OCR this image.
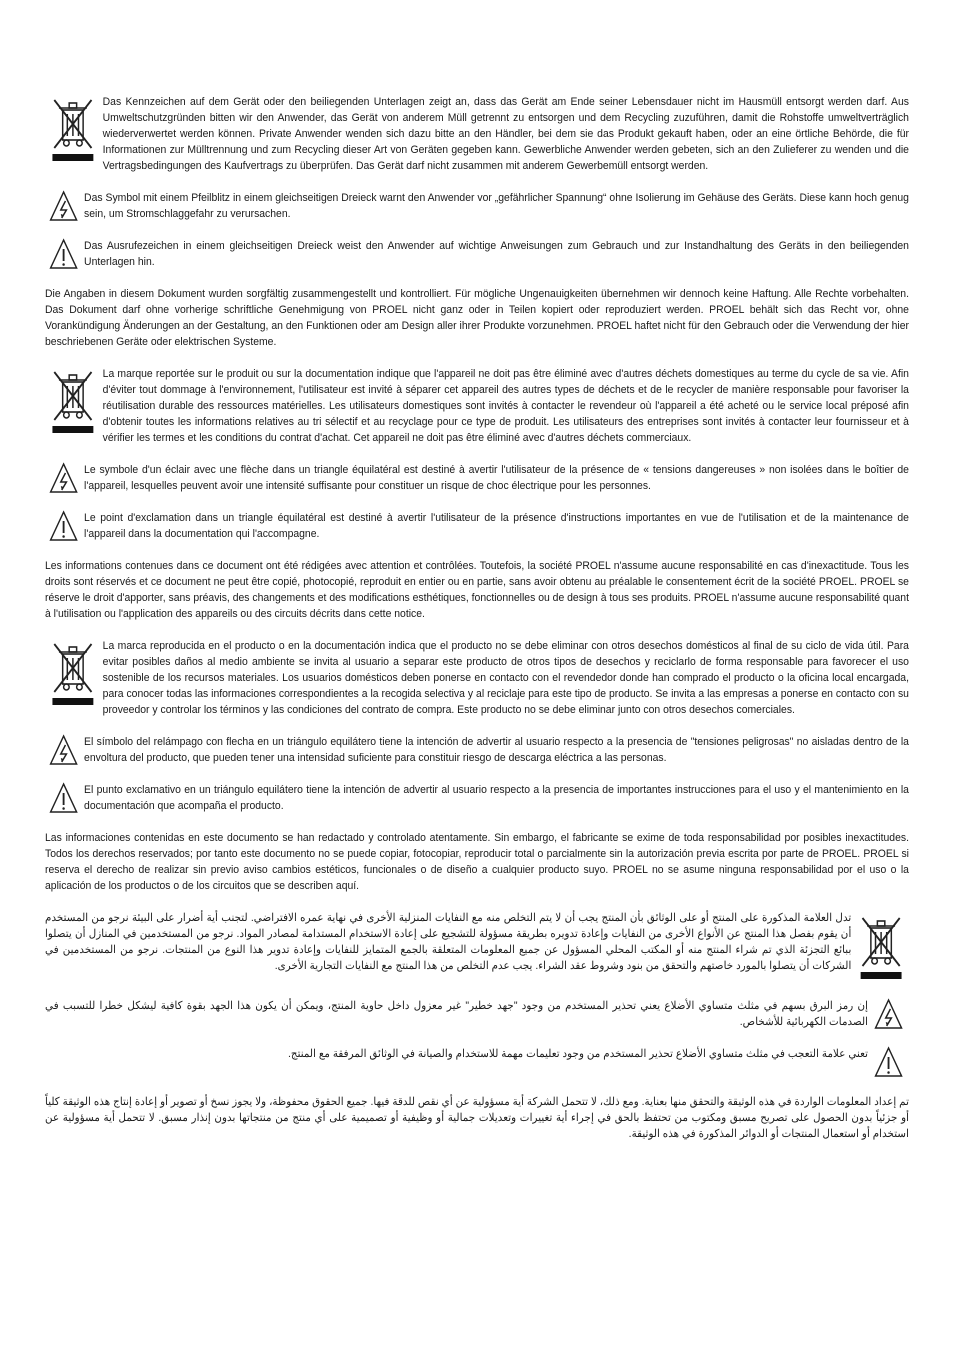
Das Kennzeichen auf dem Gerät oder den beiliegenden Unterlagen zeigt an, dass das Gerät am Ende seiner Lebensdauer nicht im Hausmüll entsorgt werden darf. Aus Umweltschutzgründen bitten wir den Anwender, das Gerät von anderem Müll getrennt zu entsorgen und dem Recycling zuzuführen, damit die Rohstoffe umweltverträglich wiederverwertet werden können. Private Anwender wenden sich dazu bitte an den Händler, bei dem sie das Produkt gekauft haben, oder an eine örtliche Behörde, die für Informationen zur Mülltrennung und zum Recycling dieser Art von Geräten gegeben kann. Gewerbliche Anwender werden gebeten, sich an den Zulieferer zu wenden und die Vertragsbedingungen des Kaufvertrags zu überprüfen. Das Gerät darf nicht zusammen mit anderem Gewerbemüll entsorgt werden.

Das Symbol mit einem Pfeilblitz in einem gleichseitigen Dreieck warnt den Anwender vor „gefährlicher Spannung“ ohne Isolierung im Gehäuse des Geräts. Diese kann hoch genug sein, um Stromschlaggefahr zu verursachen.

Das Ausrufezeichen in einem gleichseitigen Dreieck weist den Anwender auf wichtige Anweisungen zum Gebrauch und zur Instandhaltung des Geräts in den beiliegenden Unterlagen hin.

Die Angaben in diesem Dokument wurden sorgfältig zusammengestellt und kontrolliert. Für mögliche Ungenauigkeiten übernehmen wir dennoch keine Haftung. Alle Rechte vorbehalten. Das Dokument darf ohne vorherige schriftliche Genehmigung von PROEL nicht ganz oder in Teilen kopiert oder reproduziert werden. PROEL behält sich das Recht vor, ohne Vorankündigung Änderungen an der Gestaltung, an den Funktionen oder am Design aller ihrer Produkte vorzunehmen. PROEL haftet nicht für den Gebrauch oder die Verwendung der hier beschriebenen Geräte oder elektrischen Systeme.

La marque reportée sur le produit ou sur la documentation indique que l'appareil ne doit pas être éliminé avec d'autres déchets domestiques au terme du cycle de sa vie. Afin d'éviter tout dommage à l'environnement, l'utilisateur est invité à séparer cet appareil des autres types de déchets et de le recycler de manière responsable pour favoriser la réutilisation durable des ressources matérielles. Les utilisateurs domestiques sont invités à contacter le revendeur où l'appareil a été acheté ou le service local préposé afin d'obtenir toutes les informations relatives au tri sélectif et au recyclage pour ce type de produit. Les utilisateurs des entreprises sont invités à contacter leur fournisseur et à vérifier les termes et les conditions du contrat d'achat. Cet appareil ne doit pas être éliminé avec d'autres déchets commerciaux.

Le symbole d'un éclair avec une flèche dans un triangle équilatéral est destiné à avertir l'utilisateur de la présence de « tensions dangereuses » non isolées dans le boîtier de l'appareil, lesquelles peuvent avoir une intensité suffisante pour constituer un risque de choc électrique pour les personnes.

Le point d'exclamation dans un triangle équilatéral est destiné à avertir l'utilisateur de la présence d'instructions importantes en vue de l'utilisation et de la maintenance de l'appareil dans la documentation qui l'accompagne.

Les informations contenues dans ce document ont été rédigées avec attention et contrôlées. Toutefois, la société PROEL n'assume aucune responsabilité en cas d'inexactitude. Tous les droits sont réservés et ce document ne peut être copié, photocopié, reproduit en entier ou en partie, sans avoir obtenu au préalable le consentement écrit de la société PROEL. PROEL se réserve le droit d'apporter, sans préavis, des changements et des modifications esthétiques, fonctionnelles ou de design à tous ses produits. PROEL n'assume aucune responsabilité quant à l'utilisation ou l'application des appareils ou des circuits décrits dans cette notice.

La marca reproducida en el producto o en la documentación indica que el producto no se debe eliminar con otros desechos domésticos al final de su ciclo de vida útil. Para evitar posibles daños al medio ambiente se invita al usuario a separar este producto de otros tipos de desechos y reciclarlo de forma responsable para favorecer el uso sostenible de los recursos materiales. Los usuarios domésticos deben ponerse en contacto con el revendedor donde han comprado el producto o la oficina local encargada, para conocer todas las informaciones correspondientes a la recogida selectiva y al reciclaje para este tipo de producto. Se invita a las empresas a ponerse en contacto con su proveedor y controlar los términos y las condiciones del contrato de compra. Este producto no se debe eliminar junto con otros desechos comerciales.

El símbolo del relámpago con flecha en un triángulo equilátero tiene la intención de advertir al usuario respecto a la presencia de "tensiones peligrosas" no aisladas dentro de la envoltura del producto, que pueden tener una intensidad suficiente para constituir riesgo de descarga eléctrica a las personas.

El punto exclamativo en un triángulo equilátero tiene la intención de advertir al usuario respecto a la presencia de importantes instrucciones para el uso y el mantenimiento en la documentación que acompaña el producto.

Las informaciones contenidas en este documento se han redactado y controlado atentamente. Sin embargo, el fabricante se exime de toda responsabilidad por posibles inexactitudes. Todos los derechos reservados; por tanto este documento no se puede copiar, fotocopiar, reproducir total o parcialmente sin la autorización previa escrita por parte de PROEL. PROEL si reserva el derecho de realizar sin previo aviso cambios estéticos, funcionales o de diseño a cualquier producto suyo. PROEL no se asume ninguna responsabilidad por el uso o la aplicación de los productos o de los circuitos que se describen aquí.

تدل العلامة المذكورة على المنتج أو على الوثائق بأن المنتج يجب أن لا يتم التخلص منه مع النفايات المنزلية الأخرى في نهاية عمره الافتراضي. لتجنب أية أضرار على البيئة نرجو من المستخدم أن يقوم بفصل هذا المنتج عن الأنواع الأخرى من النفايات وإعادة تدويره بطريقة مسؤولة للتشجيع على إعادة الاستخدام المستدامة لمصادر المواد. نرجو من المستخدمين في المنازل أن يتصلوا ببائع التجزئة الذي تم شراء المنتج منه أو المكتب المحلي المسؤول عن جميع المعلومات المتعلقة بالجمع المتمايز للنفايات وإعادة تدوير هذا النوع من المنتجات. نرجو من المستخدمين في الشركات أن يتصلوا بالمورد خاصتهم والتحقق من بنود وشروط عقد الشراء. يجب عدم التخلص من هذا المنتج مع النفايات التجارية الأخرى.

إن رمز البرق بسهم في مثلث متساوي الأضلاع يعني تحذير المستخدم من وجود "جهد خطير" غير معزول داخل حاوية المنتج، ويمكن أن يكون هذا الجهد بقوة كافية ليشكل خطرا للتسبب في الصدمات الكهربائية للأشخاص.

تعني علامة التعجب في مثلث متساوي الأضلاع تحذير المستخدم من وجود تعليمات مهمة للاستخدام والصيانة في الوثائق المرفقة مع المنتج.

تم إعداد المعلومات الواردة في هذه الوثيقة والتحقق منها بعناية. ومع ذلك، لا تتحمل الشركة أية مسؤولية عن أي نقص للدقة فيها. جميع الحقوق محفوظة، ولا يجوز نسخ أو تصوير أو إعادة إنتاج هذه الوثيقة كلياً أو جزئياً بدون الحصول على تصريح مسبق ومكتوب من تحتفظ بالحق في إجراء أية تغييرات وتعديلات جمالية أو وظيفية أو تصميمية على أي منتج من منتجاتها بدون إنذار مسبق. لا تتحمل أية مسؤولية عن استخدام أو استعمال المنتجات أو الدوائر المذكورة في هذه الوثيقة.
